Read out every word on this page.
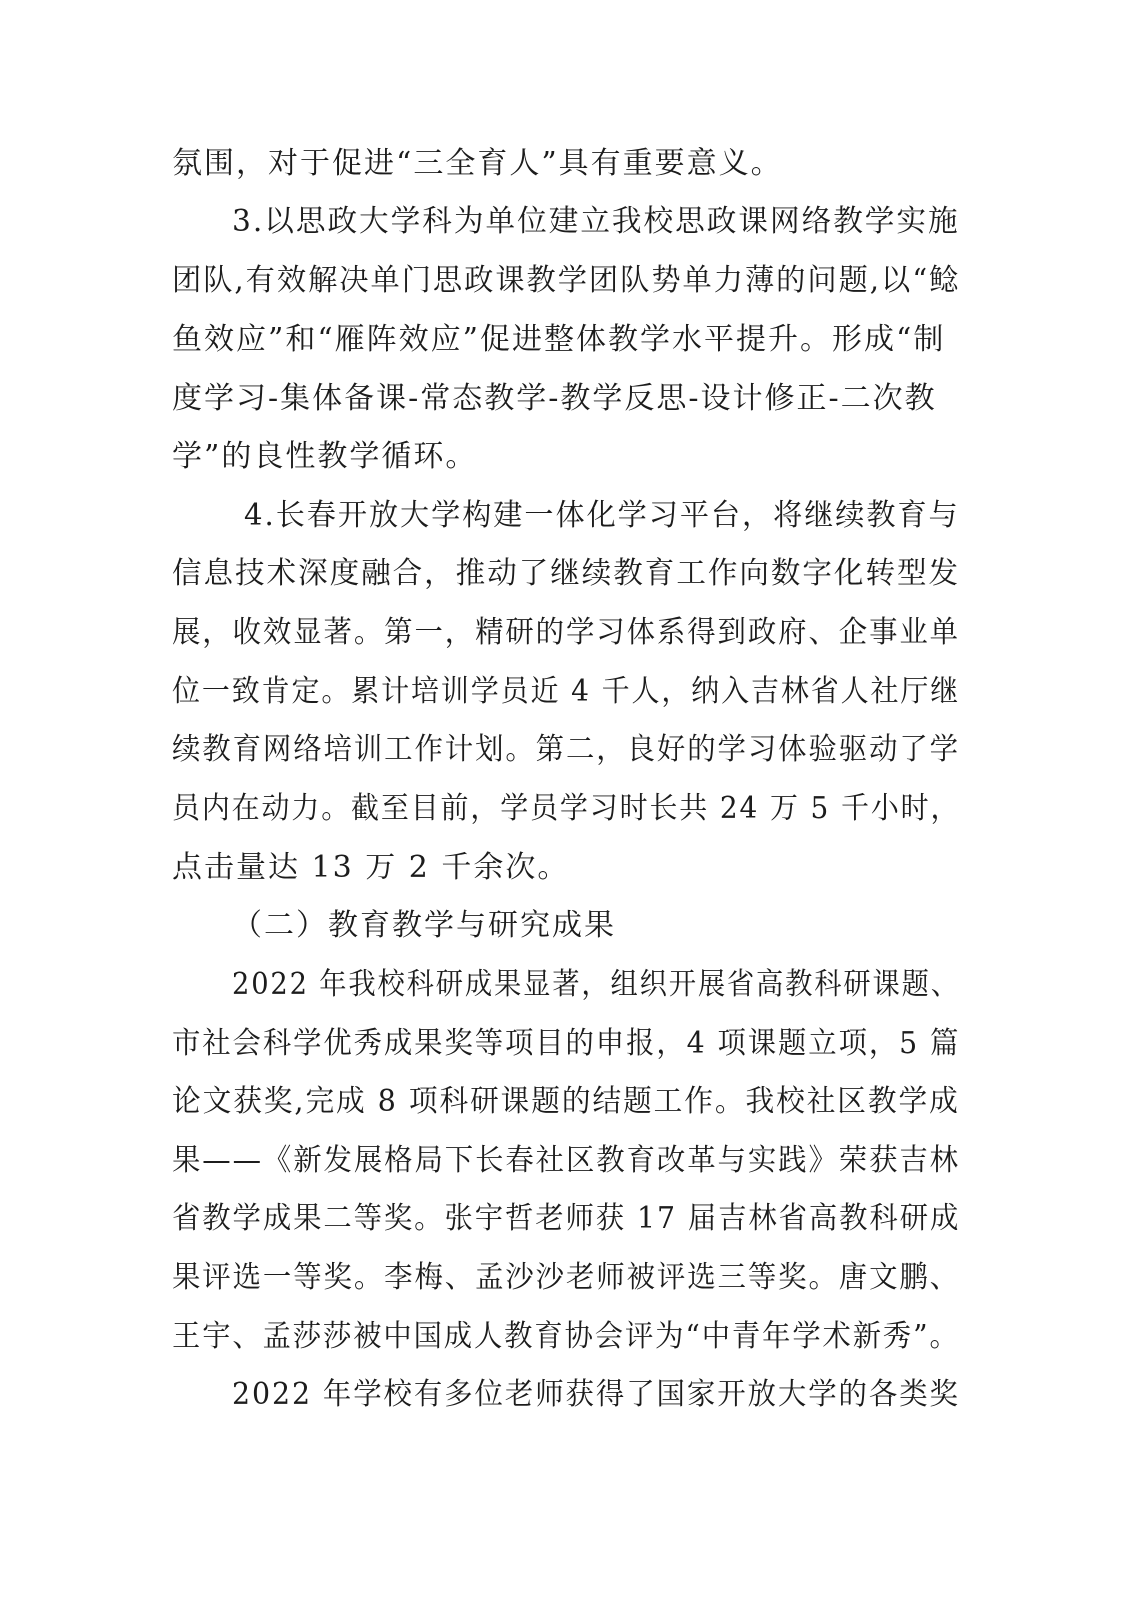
氛围，对于促进“三全育人”具有重要意义。
3.以思政大学科为单位建立我校思政课网络教学实施
团队,有效解决单门思政课教学团队势单力薄的问题,以“鲶
鱼效应”和“雁阵效应”促进整体教学水平提升。形成“制
度学习-集体备课-常态教学-教学反思-设计修正-二次教
学”的良性教学循环。
4.长春开放大学构建一体化学习平台，将继续教育与
信息技术深度融合，推动了继续教育工作向数字化转型发
展，收效显著。第一，精研的学习体系得到政府、企事业单
位一致肯定。累计培训学员近 4 千人，纳入吉林省人社厅继
续教育网络培训工作计划。第二，良好的学习体验驱动了学
员内在动力。截至目前，学员学习时长共 24 万 5 千小时，
点击量达 13 万 2 千余次。
（二）教育教学与研究成果
2022 年我校科研成果显著，组织开展省高教科研课题、
市社会科学优秀成果奖等项目的申报，4 项课题立项，5 篇
论文获奖,完成 8 项科研课题的结题工作。我校社区教学成
果——《新发展格局下长春社区教育改革与实践》荣获吉林
省教学成果二等奖。张宇哲老师获 17 届吉林省高教科研成
果评选一等奖。李梅、孟沙沙老师被评选三等奖。唐文鹏、
王宇、孟莎莎被中国成人教育协会评为“中青年学术新秀”。
2022 年学校有多位老师获得了国家开放大学的各类奖
